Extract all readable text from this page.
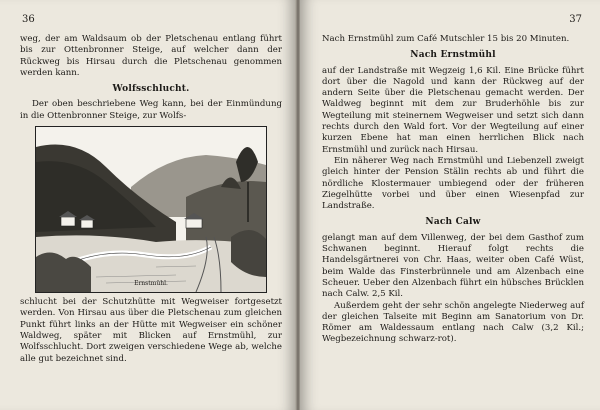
36

weg, der am Waldsaum ob der Pletschenau entlang führt bis zur Ottenbronner Steige, auf welcher dann der Rückweg bis Hirsau durch die Pletschenau genommen werden kann.

Wolfsschlucht.

Der oben beschriebene Weg kann, bei der Einmündung in die Ottenbronner Steige, zur Wolfs-

Ernstmühl.

schlucht bei der Schutzhütte mit Wegweiser fortgesetzt werden. Von Hirsau aus über die Pletschenau zum gleichen Punkt führt links an der Hütte mit Wegweiser ein schöner Waldweg, später mit Blicken auf Ernstmühl, zur Wolfsschlucht. Dort zweigen verschiedene Wege ab, welche alle gut bezeichnet sind.

37

Nach Ernstmühl zum Café Mutschler 15 bis 20 Minuten.

Nach Ernstmühl

auf der Landstraße mit Wegzeig 1,6 Kil. Eine Brücke führt dort über die Nagold und kann der Rückweg auf der andern Seite über die Pletschenau gemacht werden. Der Waldweg beginnt mit dem zur Bruderhöhle bis zur Wegteilung mit steinernem Wegweiser und setzt sich dann rechts durch den Wald fort. Vor der Wegteilung auf einer kurzen Ebene hat man einen herrlichen Blick nach Ernstmühl und zurück nach Hirsau.

Ein näherer Weg nach Ernstmühl und Liebenzell zweigt gleich hinter der Pension Stälin rechts ab und führt die nördliche Klostermauer umbiegend oder der früheren Ziegelhütte vorbei und über einen Wiesenpfad zur Landstraße.

Nach Calw

gelangt man auf dem Villenweg, der bei dem Gasthof zum Schwanen beginnt. Hierauf folgt rechts die Handelsgärtnerei von Chr. Haas, weiter oben Café Wüst, beim Walde das Finsterbrünnele und am Alzenbach eine Scheuer. Ueber den Alzenbach führt ein hübsches Brücklen nach Calw. 2,5 Kil.

Außerdem geht der sehr schön angelegte Niederweg auf der gleichen Talseite mit Beginn am Sanatorium von Dr. Römer am Waldessaum entlang nach Calw (3,2 Kil.; Wegbezeichnung schwarz-rot).
